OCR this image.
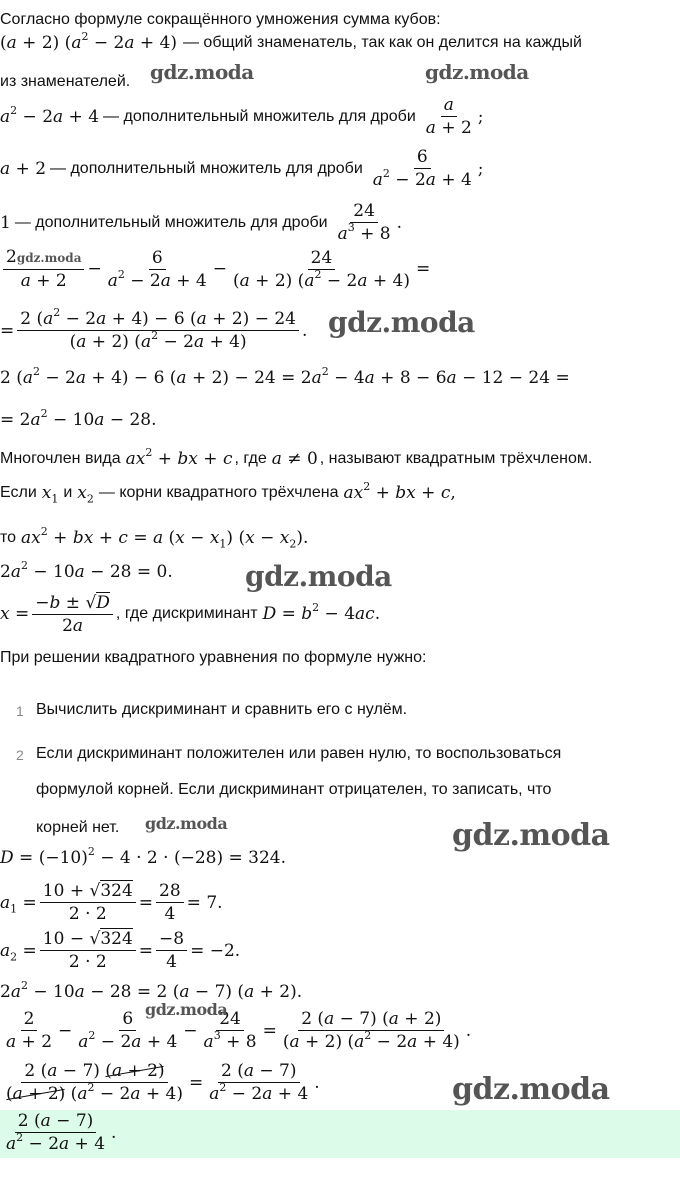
Согласно формуле сокращённого умножения сумма кубов:
(a + 2) $(a^2 - 2a + 4)$ — общий знаменатель, так как он делится на каждый
из знаменателей.
$a^2 - 2a + 4$ — дополнительный множитель для дроби $\frac{a}{a + 2}$ ;
a + 2 — дополнительный множитель для дроби $\frac{6}{a^2 - 2a + 4}$ ;
1 — дополнительный множитель для дроби $\frac{24}{a^3 + 8}$ .
$\frac{\text{2gdz.moda}}{a + 2} - \frac{6}{a^2 - 2a + 4} - \frac{24}{(a + 2) (a^2 - 2a + 4)}$ =
= $\frac{2 (a^2 - 2a + 4) - 6 (a + 2) - 24}{(a + 2) (a^2 - 2a + 4)}$ .
2 $(a^2 - 2a + 4) - 6$ $(a + 2) - 24 = 2a^2 - 4a + 8 - 6a - 12 - 24$ =
= $2a^2 - 10a - 28$.
Многочлен вида $ax^2$ + bx + c , где a ≠ 0 , называют квадратным трёхчленом.
Если $x_1$ и $x_2$ — корни квадратного трёхчлена $ax^2$ + bx + c,
то $ax^2$ + bx + c = a $(x - x_1)$ $(x - x_2)$.
$2a^2 - 10a - 28 = 0$.
$x = \frac{-b \pm √D}{2a}$ , где дискриминант $D = b^2 - 4ac$.
При решении квадратного уравнения по формуле нужно:
1 Вычислить дискриминант и сравнить его с нулём.
2 Если дискриминант положителен или равен нулю, то воспользоваться
формулой корней. Если дискриминант отрицателен, то записать, что
корней нет.
$D = (-10)^2 - 4 \cdot 2 \cdot (-28) = 324$.
$a_1 = \frac{10 + √324}{2 \cdot 2} = \frac{28}{4} = 7$.
$a_2 = \frac{10 - √324}{2 \cdot 2} = \frac{-8}{4} = -2$.
$2a^2 - 10a - 28 = 2$ (a − 7) (a + 2).
$\frac{2}{a + 2} - \frac{6}{a^2 - 2a + 4} - \frac{24}{a^3 + 8} = \frac{2 (a - 7) (a + 2)}{(a + 2) (a^2 - 2a + 4)}$ .
$\frac{2 (a - 7) (a + 2)}{(a + 2) (a^2 - 2a + 4)} = \frac{2 (a - 7)}{a^2 - 2a + 4}$ .
$\frac{2 (a - 7)}{a^2 - 2a + 4}$ .
gdz.moda	gdz.moda
gdz.moda
gdz.moda
gdz.moda	gdz.moda
gdz.moda
gdz.moda
